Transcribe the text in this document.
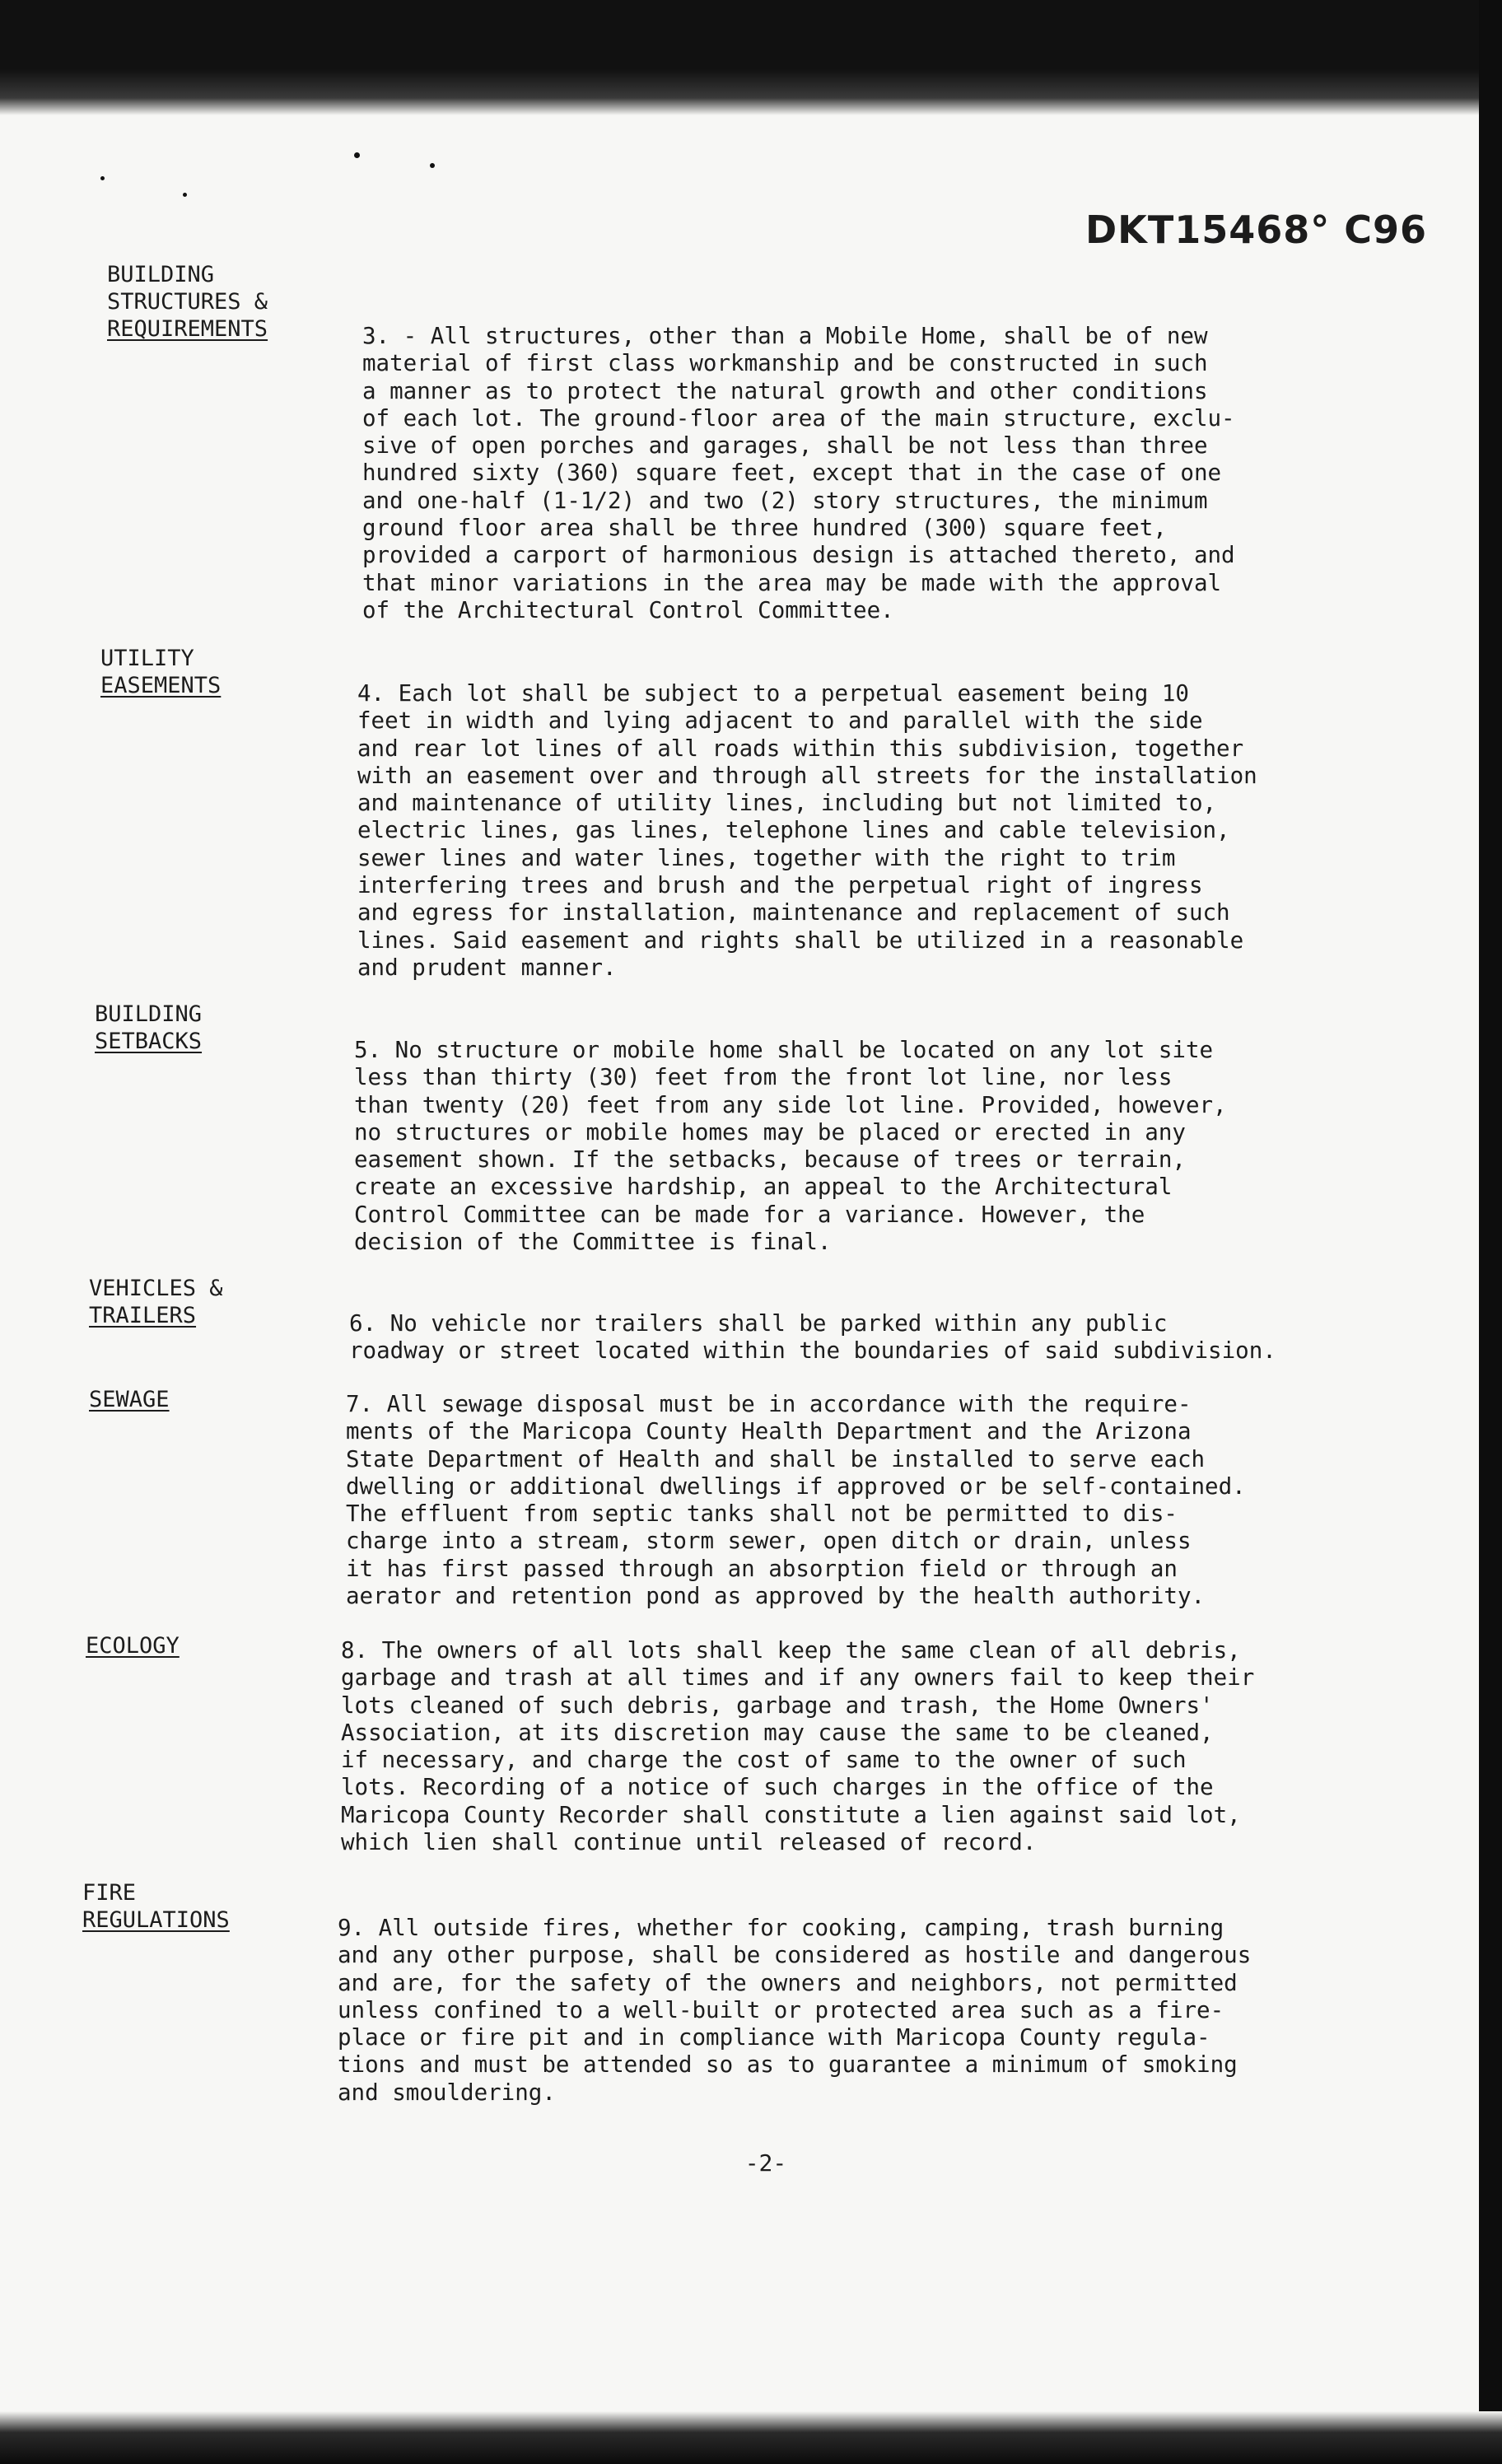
DKT15468° C96
BUILDING
STRUCTURES &
REQUIREMENTS	3. - All structures, other than a Mobile Home, shall be of new
material of first class workmanship and be constructed in such
a manner as to protect the natural growth and other conditions
of each lot. The ground-floor area of the main structure, exclu-
sive of open porches and garages, shall be not less than three
hundred sixty (360) square feet, except that in the case of one
and one-half (1-1/2) and two (2) story structures, the minimum
ground floor area shall be three hundred (300) square feet,
provided a carport of harmonious design is attached thereto, and
that minor variations in the area may be made with the approval
of the Architectural Control Committee.
UTILITY
EASEMENTS	4. Each lot shall be subject to a perpetual easement being 10
feet in width and lying adjacent to and parallel with the side
and rear lot lines of all roads within this subdivision, together
with an easement over and through all streets for the installation
and maintenance of utility lines, including but not limited to,
electric lines, gas lines, telephone lines and cable television,
sewer lines and water lines, together with the right to trim
interfering trees and brush and the perpetual right of ingress
and egress for installation, maintenance and replacement of such
lines. Said easement and rights shall be utilized in a reasonable
and prudent manner.
BUILDING
SETBACKS	5. No structure or mobile home shall be located on any lot site
less than thirty (30) feet from the front lot line, nor less
than twenty (20) feet from any side lot line. Provided, however,
no structures or mobile homes may be placed or erected in any
easement shown. If the setbacks, because of trees or terrain,
create an excessive hardship, an appeal to the Architectural
Control Committee can be made for a variance. However, the
decision of the Committee is final.
VEHICLES &
TRAILERS	6. No vehicle nor trailers shall be parked within any public
roadway or street located within the boundaries of said subdivision.
SEWAGE	7. All sewage disposal must be in accordance with the require-
ments of the Maricopa County Health Department and the Arizona
State Department of Health and shall be installed to serve each
dwelling or additional dwellings if approved or be self-contained.
The effluent from septic tanks shall not be permitted to dis-
charge into a stream, storm sewer, open ditch or drain, unless
it has first passed through an absorption field or through an
aerator and retention pond as approved by the health authority.
ECOLOGY	8. The owners of all lots shall keep the same clean of all debris,
garbage and trash at all times and if any owners fail to keep their
lots cleaned of such debris, garbage and trash, the Home Owners'
Association, at its discretion may cause the same to be cleaned,
if necessary, and charge the cost of same to the owner of such
lots. Recording of a notice of such charges in the office of the
Maricopa County Recorder shall constitute a lien against said lot,
which lien shall continue until released of record.
FIRE
REGULATIONS	9. All outside fires, whether for cooking, camping, trash burning
and any other purpose, shall be considered as hostile and dangerous
and are, for the safety of the owners and neighbors, not permitted
unless confined to a well-built or protected area such as a fire-
place or fire pit and in compliance with Maricopa County regula-
tions and must be attended so as to guarantee a minimum of smoking
and smouldering.
-2-
